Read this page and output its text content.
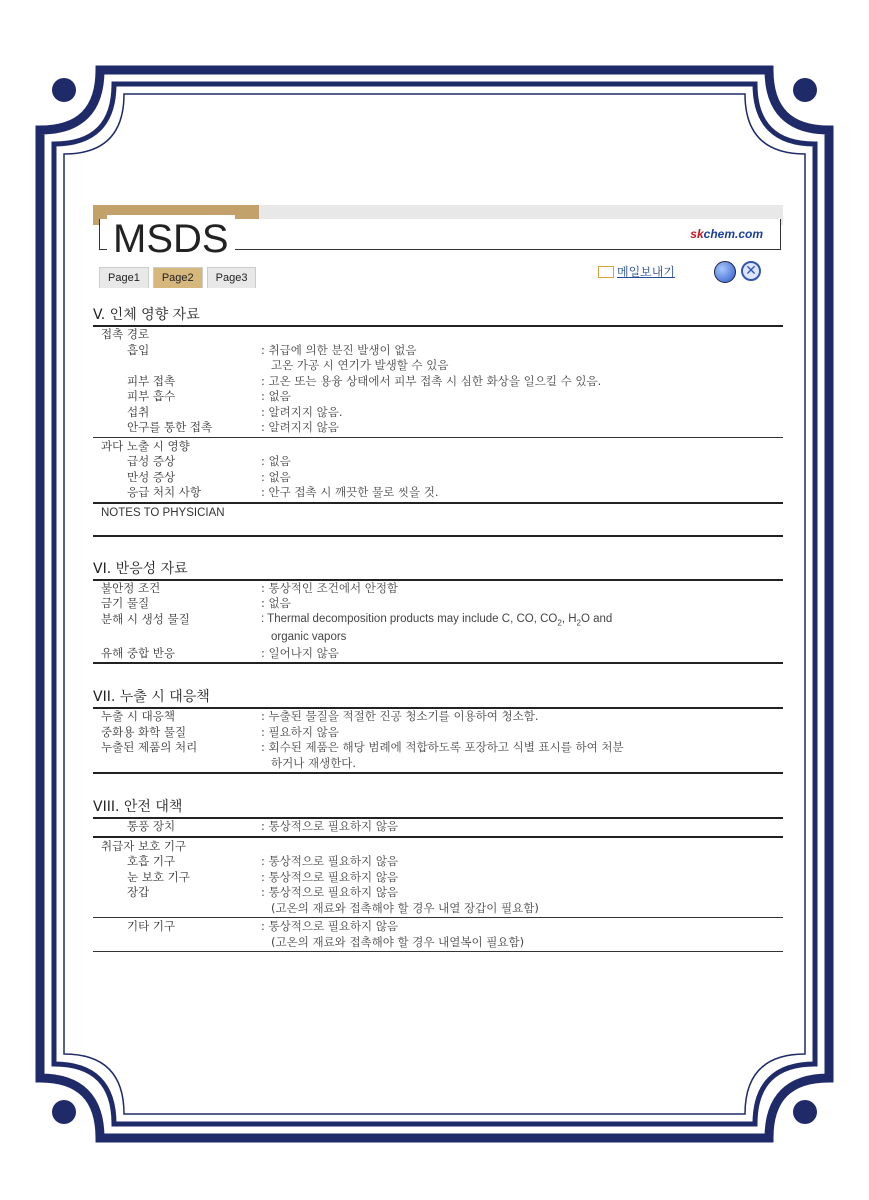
MSDS	skchem.com
Page1	Page2	Page3	메일보내기	✕
V. 인체 영향 자료
접촉 경로
흡입	: 취급에 의한 분진 발생이 없음
고온 가공 시 연기가 발생할 수 있음
피부 접촉	: 고온 또는 용융 상태에서 피부 접촉 시 심한 화상을 일으킬 수 있음.
피부 흡수	: 없음
섭취	: 알려지지 않음.
안구를 통한 접촉	: 알려지지 않음
과다 노출 시 영향
급성 증상	: 없음
만성 증상	: 없음
응급 처치 사항	: 안구 접촉 시 깨끗한 물로 씻을 것.
NOTES TO PHYSICIAN
VI. 반응성 자료
불안정 조건	: 통상적인 조건에서 안정함
금기 물질	: 없음
분해 시 생성 물질	: Thermal decomposition products may include C, CO, $CO_2$, $H_2O$ and
organic vapors
유해 중합 반응	: 일어나지 않음
VII. 누출 시 대응책
누출 시 대응책	: 누출된 물질을 적절한 진공 청소기를 이용하여 청소함.
중화용 화학 물질	: 필요하지 않음
누출된 제품의 처리	: 회수된 제품은 해당 범례에 적합하도록 포장하고 식별 표시를 하여 처분
하거나 재생한다.
VIII. 안전 대책
통풍 장치	: 통상적으로 필요하지 않음
취급자 보호 기구
호흡 기구	: 통상적으로 필요하지 않음
눈 보호 기구	: 통상적으로 필요하지 않음
장갑	: 통상적으로 필요하지 않음
(고온의 재료와 접촉해야 할 경우 내열 장갑이 필요함)
기타 기구	: 통상적으로 필요하지 않음
(고온의 재료와 접촉해야 할 경우 내열복이 필요함)
